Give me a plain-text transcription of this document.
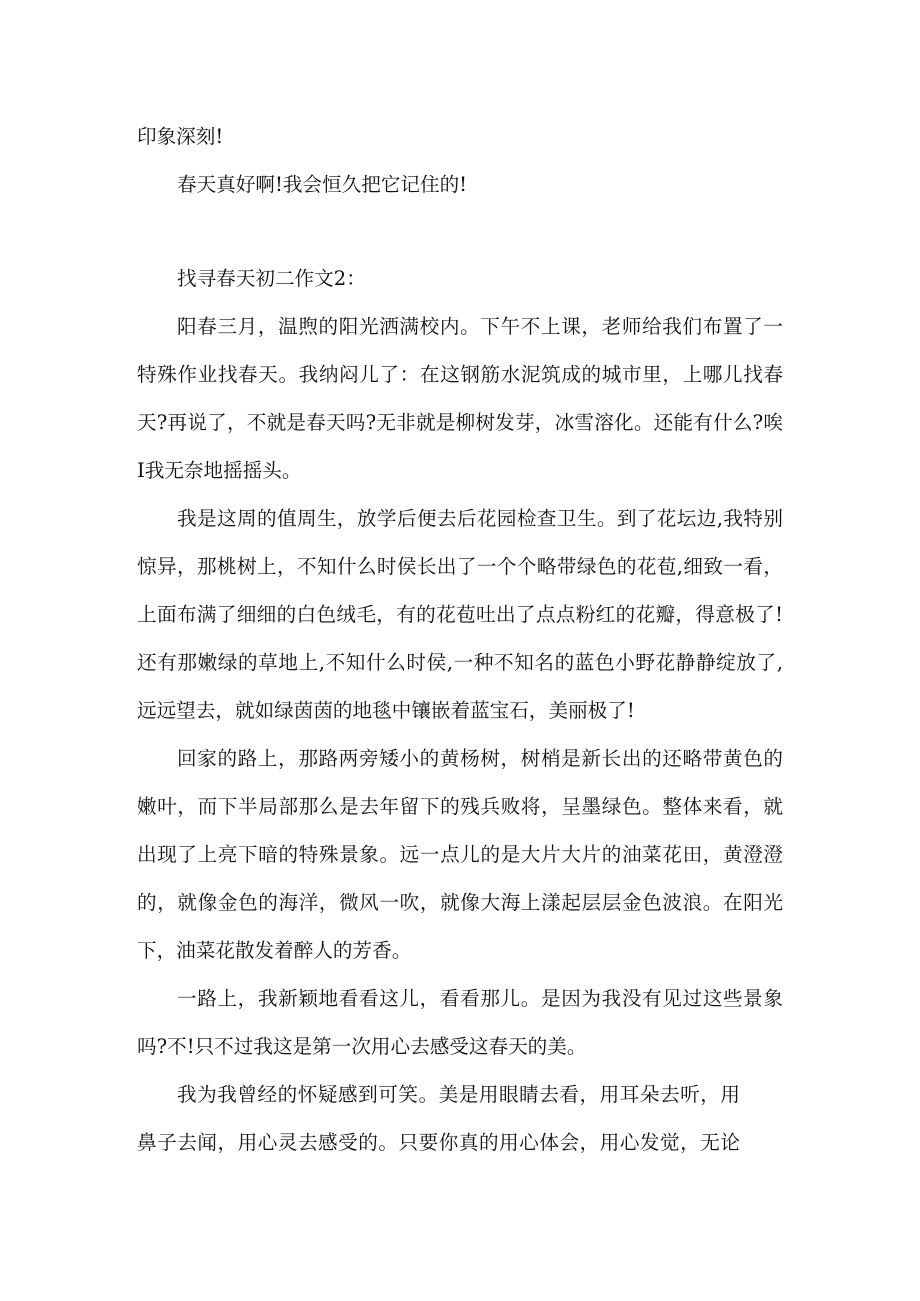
印象深刻!
春天真好啊!我会恒久把它记住的!
找寻春天初二作文2：
阳春三月，温煦的阳光洒满校内。下午不上课，老师给我们布置了一
特殊作业找春天。我纳闷儿了：在这钢筋水泥筑成的城市里，上哪儿找春
天?再说了，不就是春天吗?无非就是柳树发芽，冰雪溶化。还能有什么?唉
I我无奈地摇摇头。
我是这周的值周生，放学后便去后花园检查卫生。到了花坛边,我特别
惊异，那桃树上，不知什么时侯长出了一个个略带绿色的花苞,细致一看，
上面布满了细细的白色绒毛，有的花苞吐出了点点粉红的花瓣，得意极了!
还有那嫩绿的草地上,不知什么时侯,一种不知名的蓝色小野花静静绽放了,
远远望去，就如绿茵茵的地毯中镶嵌着蓝宝石，美丽极了!
回家的路上，那路两旁矮小的黄杨树，树梢是新长出的还略带黄色的
嫩叶，而下半局部那么是去年留下的残兵败将，呈墨绿色。整体来看，就
出现了上亮下暗的特殊景象。远一点儿的是大片大片的油菜花田，黄澄澄
的，就像金色的海洋，微风一吹，就像大海上漾起层层金色波浪。在阳光
下，油菜花散发着醉人的芳香。
一路上，我新颖地看看这儿，看看那儿。是因为我没有见过这些景象
吗?不!只不过我这是第一次用心去感受这春天的美。
我为我曾经的怀疑感到可笑。美是用眼睛去看，用耳朵去听，用
鼻子去闻，用心灵去感受的。只要你真的用心体会，用心发觉，无论
